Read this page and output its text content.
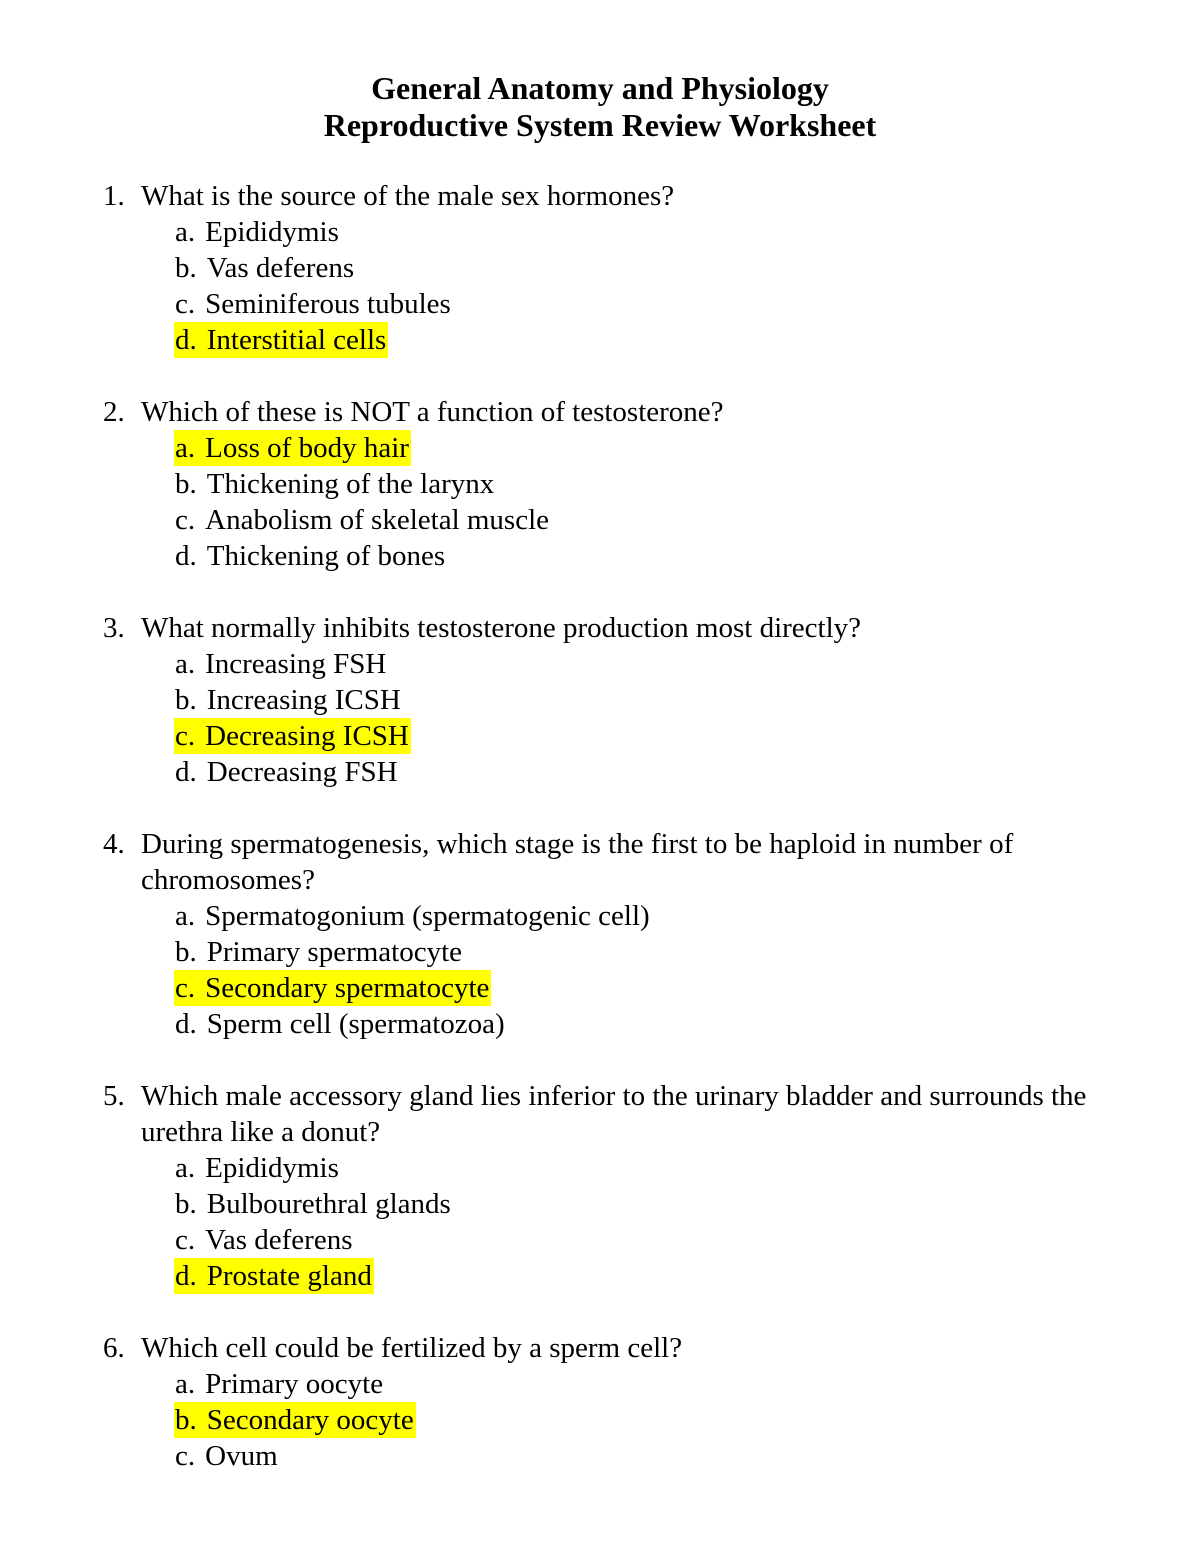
General Anatomy and Physiology
Reproductive System Review Worksheet
1. What is the source of the male sex hormones?
a. Epididymis
b. Vas deferens
c. Seminiferous tubules
d. Interstitial cells
2. Which of these is NOT a function of testosterone?
a. Loss of body hair
b. Thickening of the larynx
c. Anabolism of skeletal muscle
d. Thickening of bones
3. What normally inhibits testosterone production most directly?
a. Increasing FSH
b. Increasing ICSH
c. Decreasing ICSH
d. Decreasing FSH
4. During spermatogenesis, which stage is the first to be haploid in number of chromosomes?
a. Spermatogonium (spermatogenic cell)
b. Primary spermatocyte
c. Secondary spermatocyte
d. Sperm cell (spermatozoa)
5. Which male accessory gland lies inferior to the urinary bladder and surrounds the urethra like a donut?
a. Epididymis
b. Bulbourethral glands
c. Vas deferens
d. Prostate gland
6. Which cell could be fertilized by a sperm cell?
a. Primary oocyte
b. Secondary oocyte
c. Ovum
